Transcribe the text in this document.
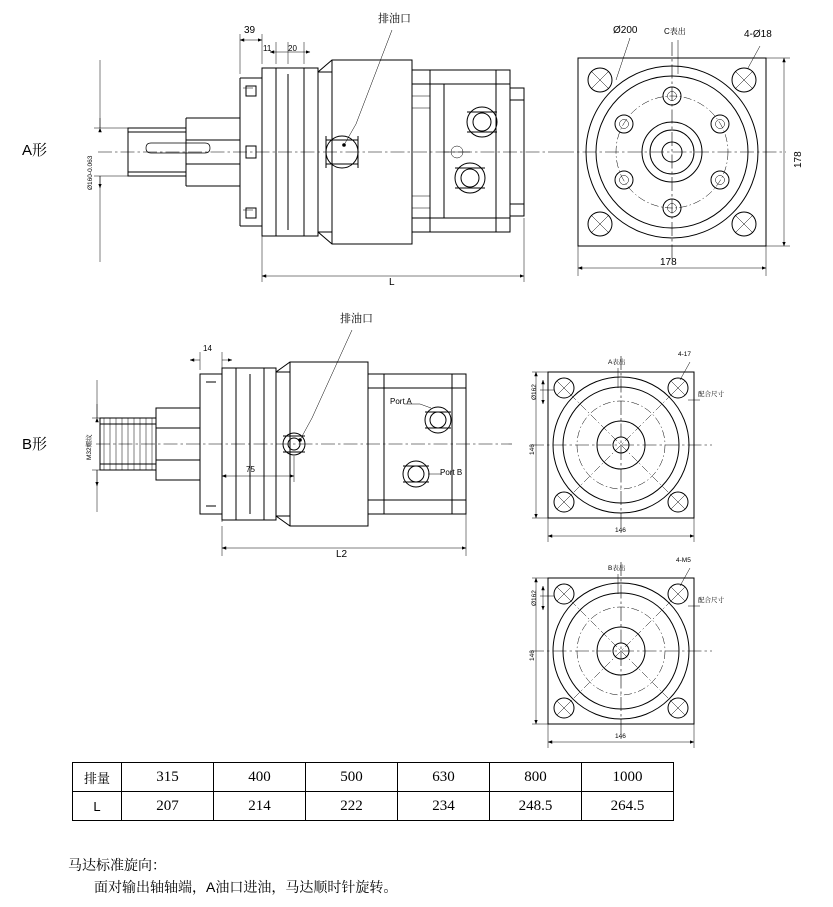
A形
B形
排油口
39
11 20
L
Ø160-0.063
Ø200	C表出	4-Ø18
178
178
排油口
14
75
L2
M32螺纹
Port A
Port B
A表出
4-17
配合尺寸
Ø162
146
146
B表出
4-M5
配合尺寸
Ø162
146
146
排量	315	400	500	630	800	1000
L	207	214	222	234	248.5	264.5
马达标准旋向：
面对输出轴轴端，A油口进油，马达顺时针旋转。
